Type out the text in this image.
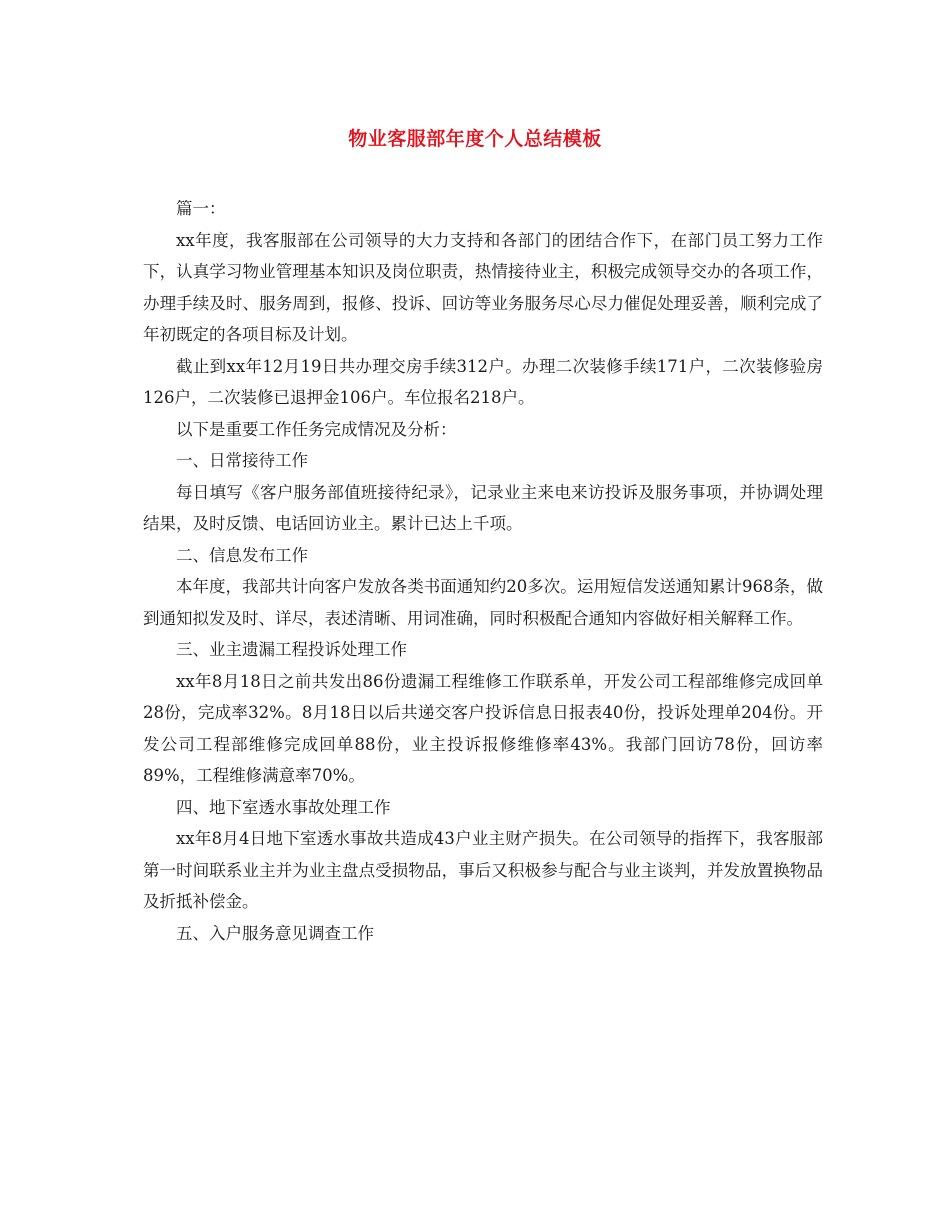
物业客服部年度个人总结模板

篇一：

xx年度，我客服部在公司领导的大力支持和各部门的团结合作下，在部门员工努力工作下，认真学习物业管理基本知识及岗位职责，热情接待业主，积极完成领导交办的各项工作，办理手续及时、服务周到，报修、投诉、回访等业务服务尽心尽力催促处理妥善，顺利完成了年初既定的各项目标及计划。

截止到xx年12月19日共办理交房手续312户。办理二次装修手续171户，二次装修验房126户，二次装修已退押金106户。车位报名218户。

以下是重要工作任务完成情况及分析：

一、日常接待工作

每日填写《客户服务部值班接待纪录》，记录业主来电来访投诉及服务事项，并协调处理结果，及时反馈、电话回访业主。累计已达上千项。

二、信息发布工作

本年度，我部共计向客户发放各类书面通知约20多次。运用短信发送通知累计968条，做到通知拟发及时、详尽，表述清晰、用词准确，同时积极配合通知内容做好相关解释工作。

三、业主遗漏工程投诉处理工作

xx年8月18日之前共发出86份遗漏工程维修工作联系单，开发公司工程部维修完成回单28份，完成率32%。8月18日以后共递交客户投诉信息日报表40份，投诉处理单204份。开发公司工程部维修完成回单88份，业主投诉报修维修率43%。我部门回访78份，回访率89%，工程维修满意率70%。

四、地下室透水事故处理工作

xx年8月4日地下室透水事故共造成43户业主财产损失。在公司领导的指挥下，我客服部第一时间联系业主并为业主盘点受损物品，事后又积极参与配合与业主谈判，并发放置换物品及折抵补偿金。

五、入户服务意见调查工作
